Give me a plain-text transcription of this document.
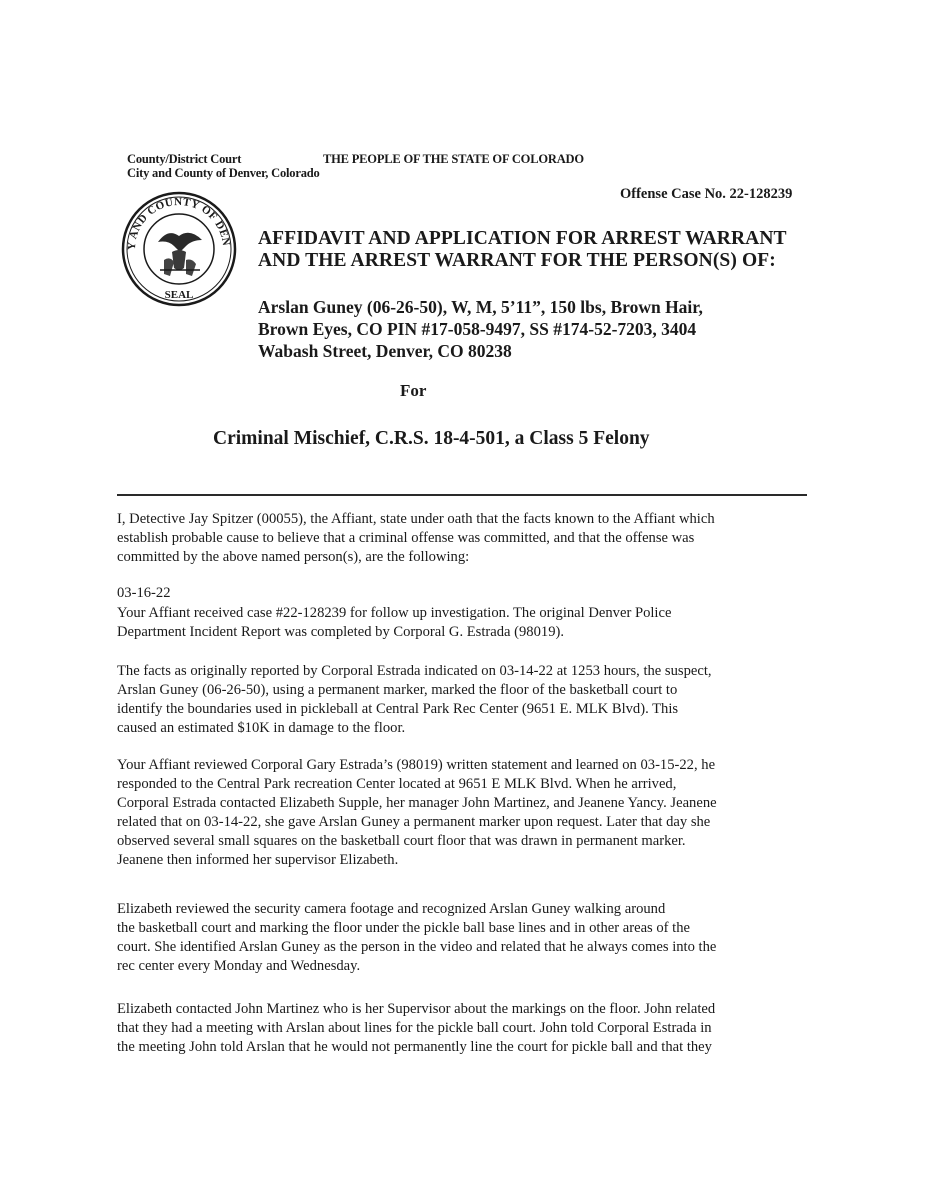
County/District Court
City and County of Denver, Colorado
THE PEOPLE OF THE STATE OF COLORADO
Offense Case No. 22-128239
Y AND COUNTY OF DEN
SEAL
AFFIDAVIT AND APPLICATION FOR ARREST WARRANT
AND THE ARREST WARRANT FOR THE PERSON(S) OF:
Arslan Guney (06-26-50), W, M, 5’11”, 150 lbs, Brown Hair,
Brown Eyes, CO PIN #17-058-9497, SS #174-52-7203, 3404
Wabash Street, Denver, CO 80238
For
Criminal Mischief, C.R.S. 18-4-501, a Class 5 Felony
I, Detective Jay Spitzer (00055), the Affiant, state under oath that the facts known to the Affiant which
establish probable cause to believe that a criminal offense was committed, and that the offense was
committed by the above named person(s), are the following:
03-16-22
Your Affiant received case #22-128239 for follow up investigation. The original Denver Police
Department Incident Report was completed by Corporal G. Estrada (98019).
The facts as originally reported by Corporal Estrada indicated on 03-14-22 at 1253 hours, the suspect,
Arslan Guney (06-26-50), using a permanent marker, marked the floor of the basketball court to
identify the boundaries used in pickleball at Central Park Rec Center (9651 E. MLK Blvd). This
caused an estimated $10K in damage to the floor.
Your Affiant reviewed Corporal Gary Estrada’s (98019) written statement and learned on 03-15-22, he
responded to the Central Park recreation Center located at 9651 E MLK Blvd. When he arrived,
Corporal Estrada contacted Elizabeth Supple, her manager John Martinez, and Jeanene Yancy. Jeanene
related that on 03-14-22, she gave Arslan Guney a permanent marker upon request. Later that day she
observed several small squares on the basketball court floor that was drawn in permanent marker.
Jeanene then informed her supervisor Elizabeth.
Elizabeth reviewed the security camera footage and recognized Arslan Guney walking around
the basketball court and marking the floor under the pickle ball base lines and in other areas of the
court. She identified Arslan Guney as the person in the video and related that he always comes into the
rec center every Monday and Wednesday.
Elizabeth contacted John Martinez who is her Supervisor about the markings on the floor. John related
that they had a meeting with Arslan about lines for the pickle ball court. John told Corporal Estrada in
the meeting John told Arslan that he would not permanently line the court for pickle ball and that they
